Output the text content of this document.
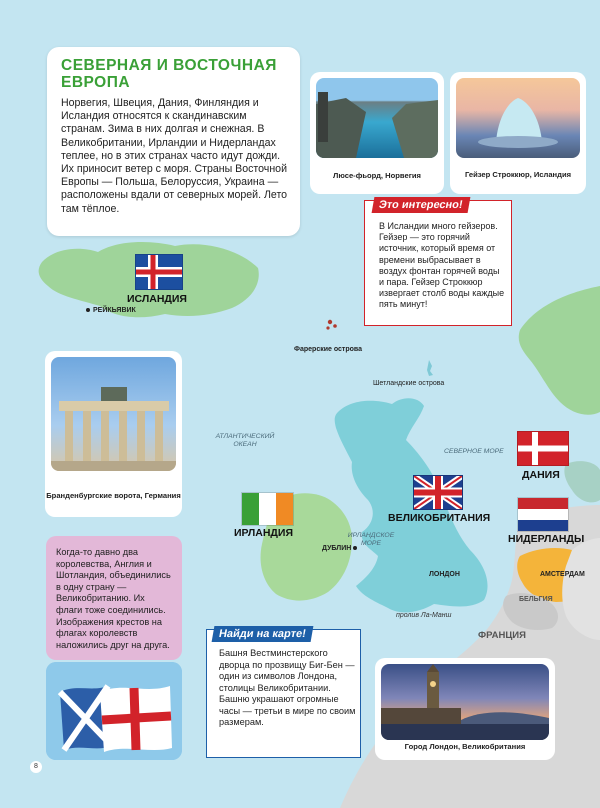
СЕВЕРНАЯ И ВОСТОЧНАЯ ЕВРОПА

Норвегия, Швеция, Дания, Финляндия и Исландия относятся к скандинавским странам. Зима в них долгая и снежная. В Великобритании, Ирландии и Нидерландах теплее, но в этих странах часто идут дожди. Их приносит ветер с моря. Страны Восточной Европы — Польша, Белоруссия, Украина — расположены вдали от северных морей. Лето там тёплое.

Люсе-фьорд, Норвегия	Гейзер Строккюр, Исландия
Это интересно!
В Исландии много гейзеров. Гейзер — это горячий источник, который время от времени выбрасывает в воздух фонтан горячей воды и пара. Гейзер Строккюр извергает столб воды каждые пять минут!
Бранденбургские ворота, Германия
Когда-то давно два королевства, Англия и Шотландия, объединились в одну страну — Великобританию. Их флаги тоже соединились. Изображения крестов на флагах королевств наложились друг на друга.
Найди на карте!
Башня Вестминстерского дворца по прозвищу Биг-Бен — один из символов Лондона, столицы Великобритании. Башню украшают огромные часы — третьи в мире по своим размерам.
Город Лондон, Великобритания
ИСЛАНДИЯ
РЕЙКЬЯВИК
Фарерские острова
Шетландские острова
АТЛАНТИЧЕСКИЙ ОКЕАН
СЕВЕРНОЕ МОРЕ
ДАНИЯ
ВЕЛИКОБРИТАНИЯ
ИРЛАНДИЯ	НИДЕРЛАНДЫ
ДУБЛИН
ИРЛАНДСКОЕ МОРЕ
ЛОНДОН	АМСТЕРДАМ
БЕЛЬГИЯ
пролив Ла-Манш
ФРАНЦИЯ
8
